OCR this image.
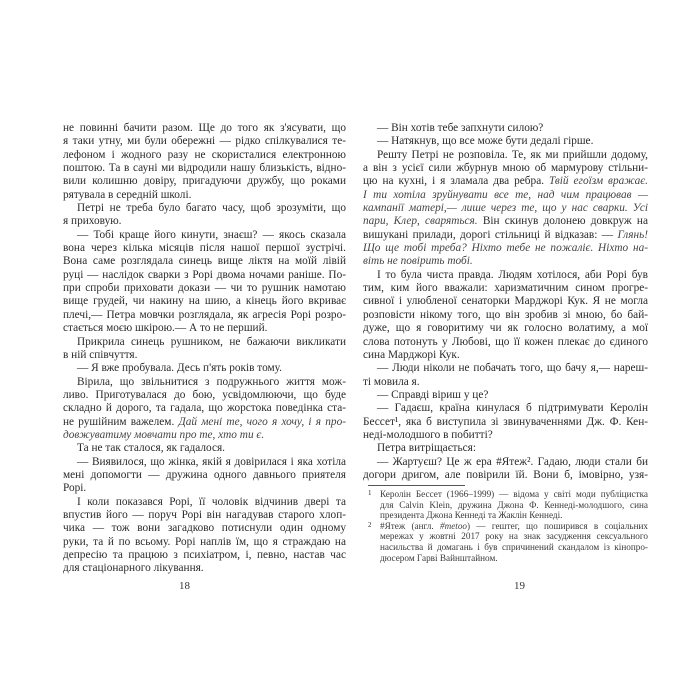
не повинні бачити разом. Ще до того як з'ясувати, що
я таки утну, ми були обережні — рідко спілкувалися те-
лефоном і жодного разу не скористалися електронною
поштою. Та в сауні ми відродили нашу близькість, відно-
вили колишню довіру, пригадуючи дружбу, що роками
рятувала в середній школі.
Петрі не треба було багато часу, щоб зрозуміти, що
я приховую.
— Тобі краще його кинути, знаєш? — якось сказала
вона через кілька місяців після нашої першої зустрічі.
Вона саме розглядала синець вище ліктя на моїй лівій
руці — наслідок сварки з Рорі двома ночами раніше. По-
при спроби приховати докази — чи то рушник намотаю
вище грудей, чи накину на шию, а кінець його вкриває
плечі,— Петра мовчки розглядала, як агресія Рорі розро-
стається моєю шкірою.— А то не перший.
Прикрила синець рушником, не бажаючи викликати
в ній співчуття.
— Я вже пробувала. Десь п'ять років тому.
Вірила, що звільнитися з подружнього життя мож-
ливо. Приготувалася до бою, усвідомлюючи, що буде
складно й дорого, та гадала, що жорстока поведінка ста-
не рушійним важелем. Дай мені те, чого я хочу, і я про-
довжуватиму мовчати про те, хто ти є.
Та не так сталося, як гадалося.
— Виявилося, що жінка, якій я довірилася і яка хотіла
мені допомогти — дружина одного давнього приятеля
Рорі.
І коли показався Рорі, її чоловік відчинив двері та
впустив його — поруч Рорі він нагадував старого хлоп-
чика — тож вони загадково потиснули один одному
руки, та й по всьому. Рорі наплів їм, що я страждаю на
депресію та працюю з психіатром, і, певно, настав час
для стаціонарного лікування.
18
— Він хотів тебе запхнути силою?
— Натякнув, що все може бути дедалі гірше.
Решту Петрі не розповіла. Те, як ми прийшли додому,
а він з усієї сили жбурнув мною об мармурову стільни-
цю на кухні, і я зламала два ребра. Твій егоїзм вражає.
І ти хотіла зруйнувати все те, над чим працював —
кампанії матері,— лише через те, що у нас сварки. Усі
пари, Клер, сваряться. Він скинув долонею довкруж на
вишукані прилади, дорогі стільниці й відказав: — Глянь!
Що ще тобі треба? Ніхто тебе не пожаліє. Ніхто на-
віть не повірить тобі.
І то була чиста правда. Людям хотілося, аби Рорі був
тим, ким його вважали: харизматичним сином прогре-
сивної і улюбленої сенаторки Марджорі Кук. Я не могла
розповісти нікому того, що він зробив зі мною, бо бай-
дуже, що я говоритиму чи як голосно волатиму, а мої
слова потонуть у Любові, що її кожен плекає до єдиного
сина Марджорі Кук.
— Люди ніколи не побачать того, що бачу я,— нареш-
ті мовила я.
— Справді віриш у це?
— Гадаєш, країна кинулася б підтримувати Керолін
Бессет¹, яка б виступила зі звинуваченнями Дж. Ф. Кен-
неді-молодшого в побитті?
Петра витріщається:
— Жартуєш? Це ж ера #Ятеж². Гадаю, люди стали би
догори дригом, але повірили їй. Вони б, імовірно, узя-
1 Керолін Бессет (1966–1999) — відома у світі моди публіцистка
для Calvin Klein, дружина Джона Ф. Кеннеді-молодшого, сина
президента Джона Кеннеді та Жаклін Кеннеді.
2 #Ятеж (англ. #metoo) — гештег, що поширився в соціальних
мережах у жовтні 2017 року на знак засудження сексуального
насильства й домагань і був спричинений скандалом із кінопро-
дюсером Гарві Вайнштайном.
19
